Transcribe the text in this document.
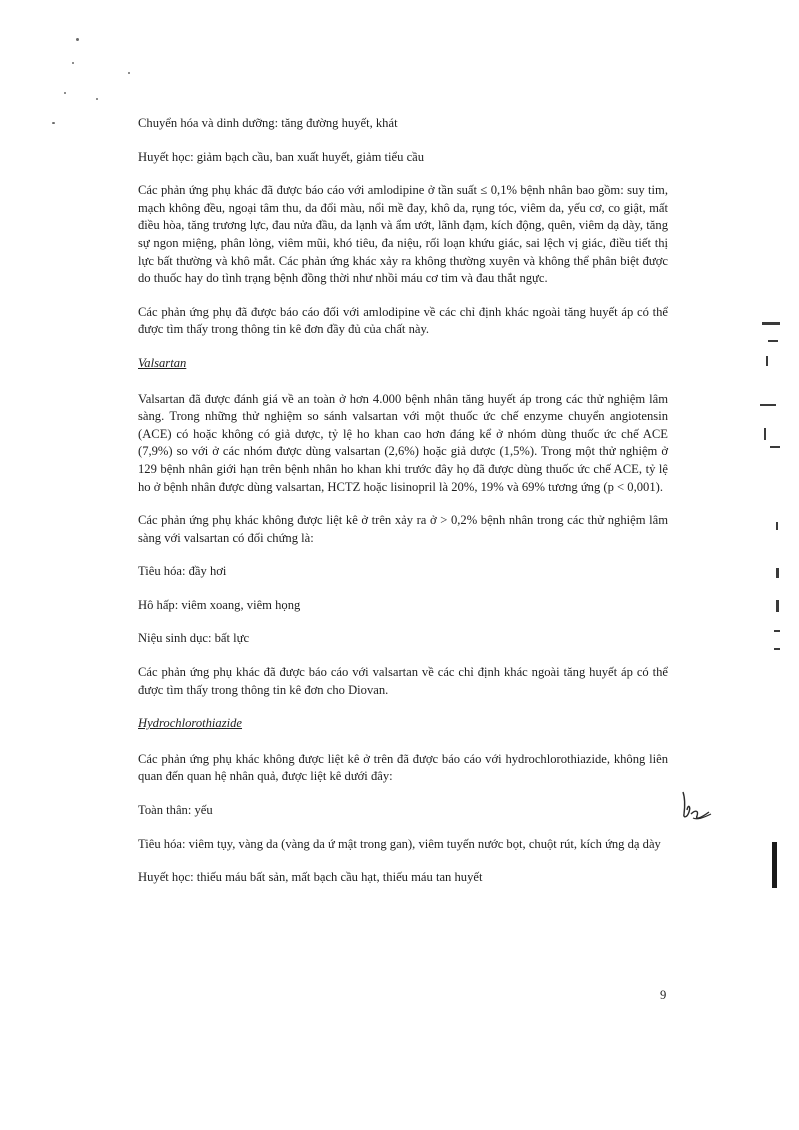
Chuyển hóa và dinh dưỡng: tăng đường huyết, khát

Huyết học: giảm bạch cầu, ban xuất huyết, giảm tiểu cầu

Các phản ứng phụ khác đã được báo cáo với amlodipine ở tần suất ≤ 0,1% bệnh nhân bao gồm: suy tim, mạch không đều, ngoại tâm thu, da đổi màu, nổi mề đay, khô da, rụng tóc, viêm da, yếu cơ, co giật, mất điều hòa, tăng trương lực, đau nửa đầu, da lạnh và ẩm ướt, lãnh đạm, kích động, quên, viêm dạ dày, tăng sự ngon miệng, phân lỏng, viêm mũi, khó tiêu, đa niệu, rối loạn khứu giác, sai lệch vị giác, điều tiết thị lực bất thường và khô mắt. Các phản ứng khác xảy ra không thường xuyên và không thể phân biệt được do thuốc hay do tình trạng bệnh đồng thời như nhồi máu cơ tim và đau thắt ngực.

Các phản ứng phụ đã được báo cáo đối với amlodipine về các chỉ định khác ngoài tăng huyết áp có thể được tìm thấy trong thông tin kê đơn đầy đủ của chất này.

Valsartan

Valsartan đã được đánh giá về an toàn ở hơn 4.000 bệnh nhân tăng huyết áp trong các thử nghiệm lâm sàng. Trong những thử nghiệm so sánh valsartan với một thuốc ức chế enzyme chuyển angiotensin (ACE) có hoặc không có giả dược, tỷ lệ ho khan cao hơn đáng kể ở nhóm dùng thuốc ức chế ACE (7,9%) so với ở các nhóm được dùng valsartan (2,6%) hoặc giả dược (1,5%). Trong một thử nghiệm ở 129 bệnh nhân giới hạn trên bệnh nhân ho khan khi trước đây họ đã được dùng thuốc ức chế ACE, tỷ lệ ho ở bệnh nhân được dùng valsartan, HCTZ hoặc lisinopril là 20%, 19% và 69% tương ứng (p < 0,001).

Các phản ứng phụ khác không được liệt kê ở trên xảy ra ở > 0,2% bệnh nhân trong các thử nghiệm lâm sàng với valsartan có đối chứng là:

Tiêu hóa: đầy hơi

Hô hấp: viêm xoang, viêm họng

Niệu sinh dục: bất lực

Các phản ứng phụ khác đã được báo cáo với valsartan về các chỉ định khác ngoài tăng huyết áp có thể được tìm thấy trong thông tin kê đơn cho Diovan.

Hydrochlorothiazide

Các phản ứng phụ khác không được liệt kê ở trên đã được báo cáo với hydrochlorothiazide, không liên quan đến quan hệ nhân quả, được liệt kê dưới đây:

Toàn thân: yếu

Tiêu hóa: viêm tụy, vàng da (vàng da ứ mật trong gan), viêm tuyến nước bọt, chuột rút, kích ứng dạ dày

Huyết học: thiếu máu bất sản, mất bạch cầu hạt, thiếu máu tan huyết

9
